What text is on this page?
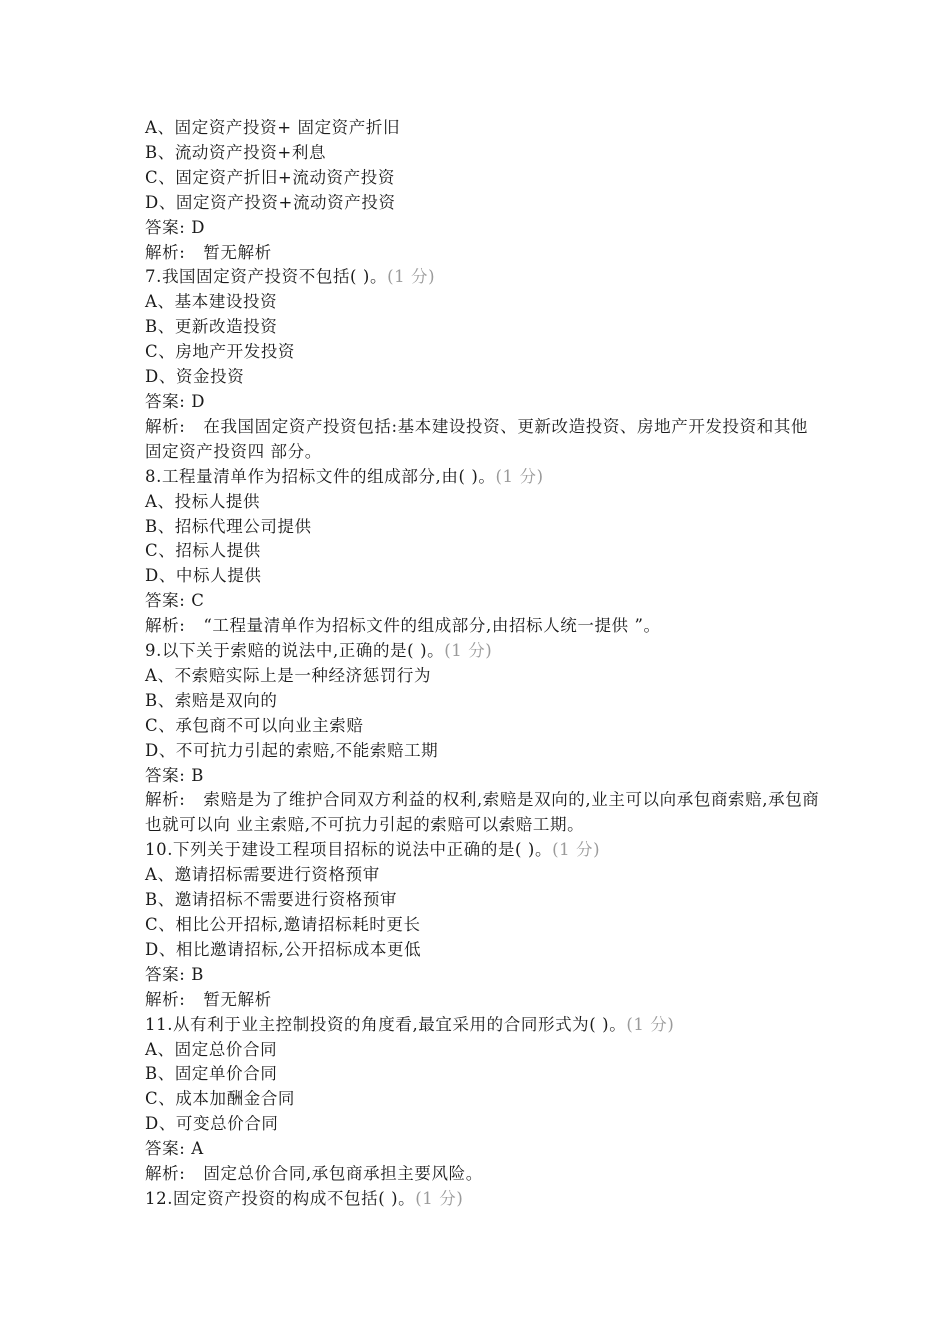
A、固定资产投资+ 固定资产折旧
B、流动资产投资+利息
C、固定资产折旧+流动资产投资
D、固定资产投资+流动资产投资
答案: D
解析: 暂无解析
7.我国固定资产投资不包括( )。(1 分)
A、基本建设投资
B、更新改造投资
C、房地产开发投资
D、资金投资
答案: D
解析: 在我国固定资产投资包括:基本建设投资、更新改造投资、房地产开发投资和其他固定资产投资四 部分。
8.工程量清单作为招标文件的组成部分,由( )。(1 分)
A、投标人提供
B、招标代理公司提供
C、招标人提供
D、中标人提供
答案: C
解析: “工程量清单作为招标文件的组成部分,由招标人统一提供 ”。
9.以下关于索赔的说法中,正确的是( )。(1 分)
A、不索赔实际上是一种经济惩罚行为
B、索赔是双向的
C、承包商不可以向业主索赔
D、不可抗力引起的索赔,不能索赔工期
答案: B
解析: 索赔是为了维护合同双方利益的权利,索赔是双向的,业主可以向承包商索赔,承包商也就可以向 业主索赔,不可抗力引起的索赔可以索赔工期。
10.下列关于建设工程项目招标的说法中正确的是( )。(1 分)
A、邀请招标需要进行资格预审
B、邀请招标不需要进行资格预审
C、相比公开招标,邀请招标耗时更长
D、相比邀请招标,公开招标成本更低
答案: B
解析: 暂无解析
11.从有利于业主控制投资的角度看,最宜采用的合同形式为( )。(1 分)
A、固定总价合同
B、固定单价合同
C、成本加酬金合同
D、可变总价合同
答案: A
解析: 固定总价合同,承包商承担主要风险。
12.固定资产投资的构成不包括( )。(1 分)
